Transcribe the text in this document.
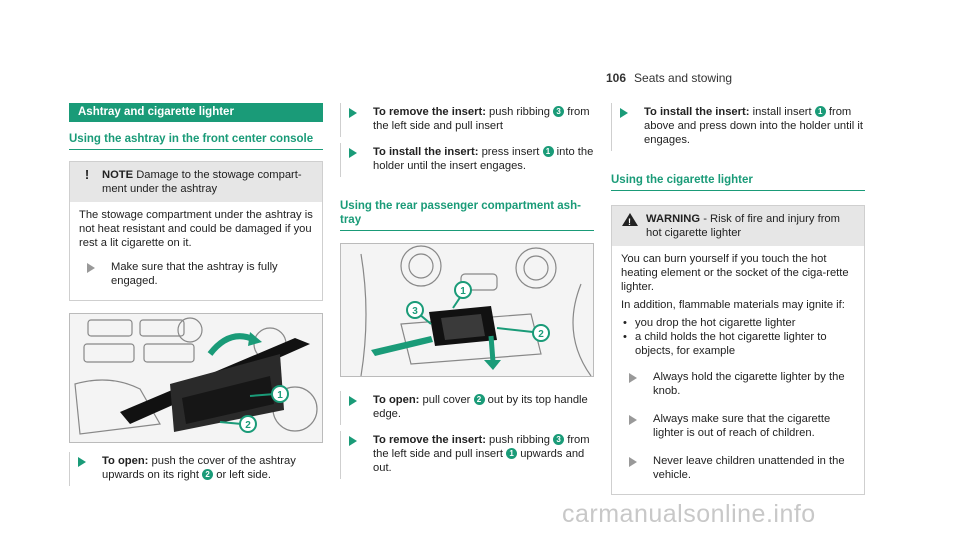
106 Seats and stowing
Ashtray and cigarette lighter
Using the ashtray in the front center console
!	NOTE Damage to the stowage compart-ment under the ashtray
The stowage compartment under the ashtray is not heat resistant and could be damaged if you rest a lit cigarette on it.
Make sure that the ashtray is fully engaged.
1
2
To open: push the cover of the ashtray upwards on its right 2 or left side.
To remove the insert: push ribbing 3 from the left side and pull insert
To install the insert: press insert 1 into the holder until the insert engages.
Using the rear passenger compartment ash-tray
1
2
3
To open: pull cover 2 out by its top handle edge.
To remove the insert: push ribbing 3 from the left side and pull insert 1 upwards and out.
To install the insert: install insert 1 from above and press down into the holder until it engages.
Using the cigarette lighter
! WARNING - Risk of fire and injury from hot cigarette lighter
You can burn yourself if you touch the hot heating element or the socket of the ciga-rette lighter.
In addition, flammable materials may ignite if:
• you drop the hot cigarette lighter
• a child holds the hot cigarette lighter to objects, for example
Always hold the cigarette lighter by the knob.
Always make sure that the cigarette lighter is out of reach of children.
Never leave children unattended in the vehicle.
carmanualsonline.info
